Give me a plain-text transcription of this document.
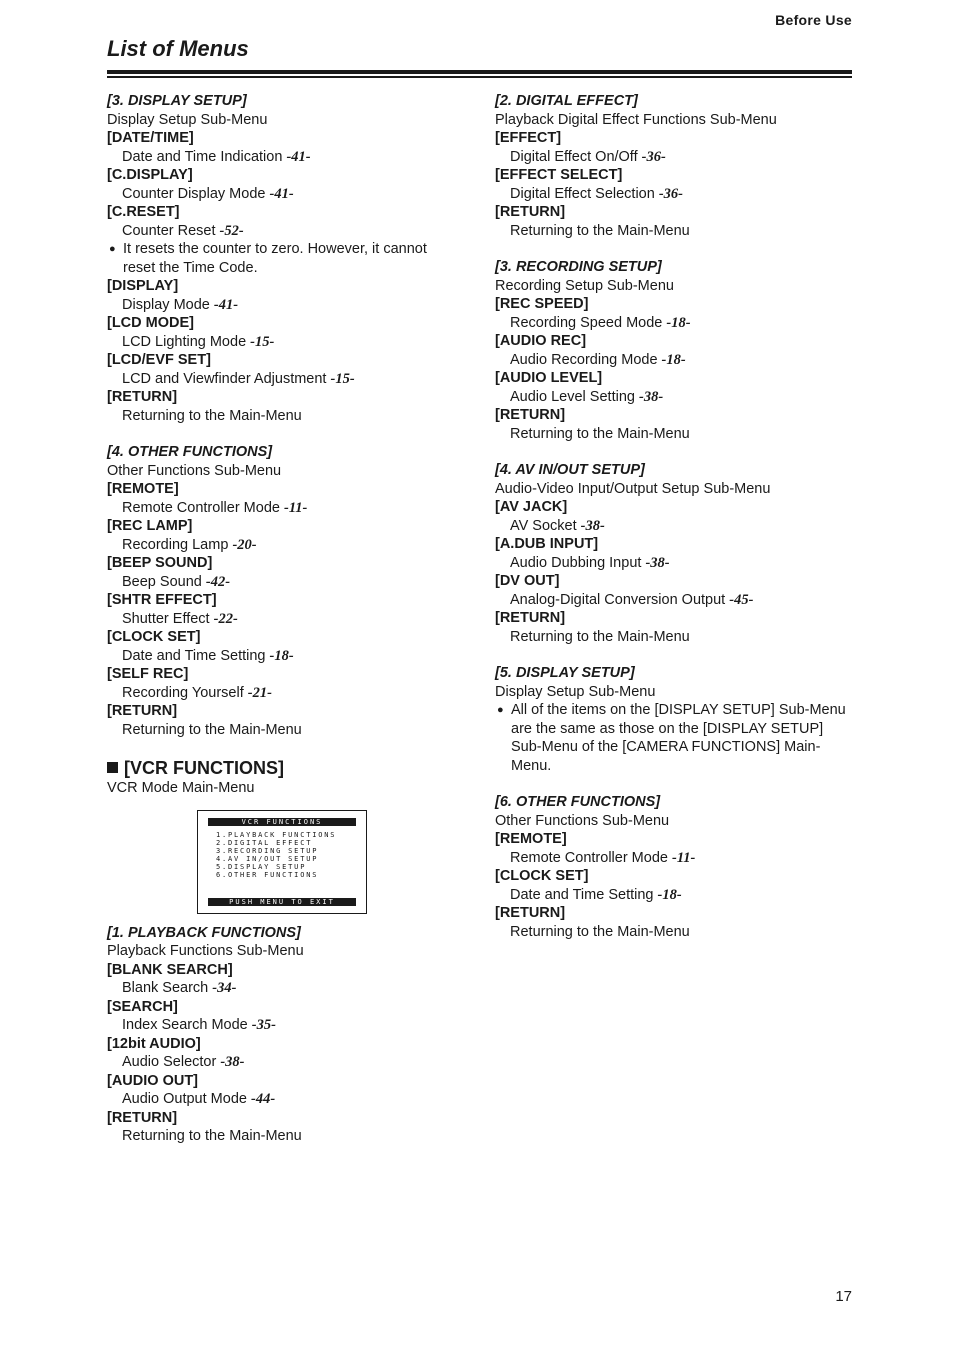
Before Use
List of Menus
[3. DISPLAY SETUP]
Display Setup Sub-Menu
[DATE/TIME]
Date and Time Indication -41-
[C.DISPLAY]
Counter Display Mode -41-
[C.RESET]
Counter Reset -52-
● It resets the counter to zero. However, it cannot reset the Time Code.
[DISPLAY]
Display Mode -41-
[LCD MODE]
LCD Lighting Mode -15-
[LCD/EVF SET]
LCD and Viewfinder Adjustment -15-
[RETURN]
Returning to the Main-Menu
[4. OTHER FUNCTIONS]
Other Functions Sub-Menu
[REMOTE]
Remote Controller Mode -11-
[REC LAMP]
Recording Lamp -20-
[BEEP SOUND]
Beep Sound -42-
[SHTR EFFECT]
Shutter Effect -22-
[CLOCK SET]
Date and Time Setting -18-
[SELF REC]
Recording Yourself -21-
[RETURN]
Returning to the Main-Menu
[VCR FUNCTIONS]
VCR Mode Main-Menu
VCR FUNCTIONS
1.PLAYBACK FUNCTIONS
2.DIGITAL EFFECT
3.RECORDING SETUP
4.AV IN/OUT SETUP
5.DISPLAY SETUP
6.OTHER FUNCTIONS
PUSH MENU TO EXIT
[1. PLAYBACK FUNCTIONS]
Playback Functions Sub-Menu
[BLANK SEARCH]
Blank Search -34-
[SEARCH]
Index Search Mode -35-
[12bit AUDIO]
Audio Selector -38-
[AUDIO OUT]
Audio Output Mode -44-
[RETURN]
Returning to the Main-Menu
[2. DIGITAL EFFECT]
Playback Digital Effect Functions Sub-Menu
[EFFECT]
Digital Effect On/Off -36-
[EFFECT SELECT]
Digital Effect Selection -36-
[RETURN]
Returning to the Main-Menu
[3. RECORDING SETUP]
Recording Setup Sub-Menu
[REC SPEED]
Recording Speed Mode -18-
[AUDIO REC]
Audio Recording Mode -18-
[AUDIO LEVEL]
Audio Level Setting -38-
[RETURN]
Returning to the Main-Menu
[4. AV IN/OUT SETUP]
Audio-Video Input/Output Setup Sub-Menu
[AV JACK]
AV Socket -38-
[A.DUB INPUT]
Audio Dubbing Input -38-
[DV OUT]
Analog-Digital Conversion Output -45-
[RETURN]
Returning to the Main-Menu
[5. DISPLAY SETUP]
Display Setup Sub-Menu
● All of the items on the [DISPLAY SETUP] Sub-Menu are the same as those on the [DISPLAY SETUP] Sub-Menu of the [CAMERA FUNCTIONS] Main-Menu.
[6. OTHER FUNCTIONS]
Other Functions Sub-Menu
[REMOTE]
Remote Controller Mode -11-
[CLOCK SET]
Date and Time Setting -18-
[RETURN]
Returning to the Main-Menu
17
